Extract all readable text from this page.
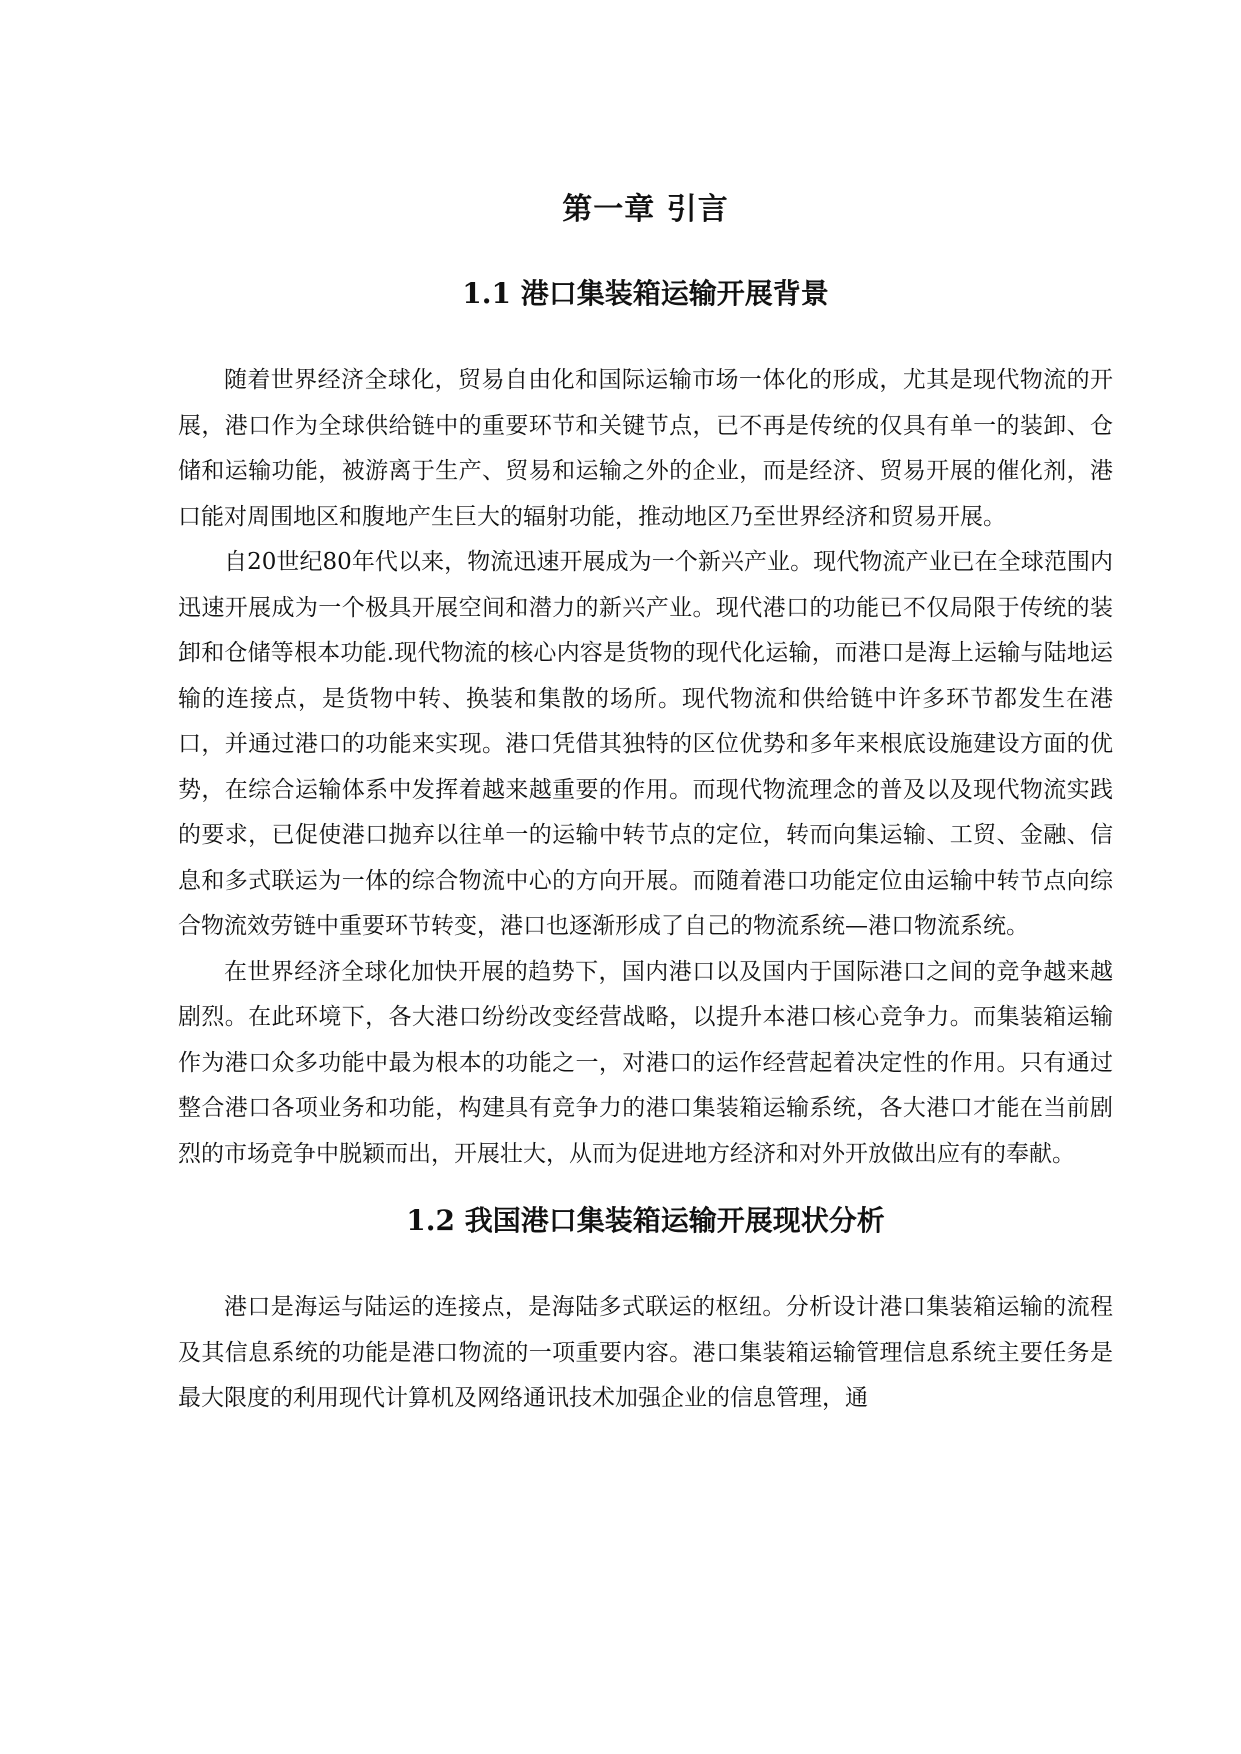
第一章 引言
1.1 港口集装箱运输开展背景

随着世界经济全球化，贸易自由化和国际运输市场一体化的形成，尤其是现代物流的开展，港口作为全球供给链中的重要环节和关键节点，已不再是传统的仅具有单一的装卸、仓储和运输功能，被游离于生产、贸易和运输之外的企业，而是经济、贸易开展的催化剂，港口能对周围地区和腹地产生巨大的辐射功能，推动地区乃至世界经济和贸易开展。

自20世纪80年代以来，物流迅速开展成为一个新兴产业。现代物流产业已在全球范围内迅速开展成为一个极具开展空间和潜力的新兴产业。现代港口的功能已不仅局限于传统的装卸和仓储等根本功能.现代物流的核心内容是货物的现代化运输，而港口是海上运输与陆地运输的连接点，是货物中转、换装和集散的场所。现代物流和供给链中许多环节都发生在港口，并通过港口的功能来实现。港口凭借其独特的区位优势和多年来根底设施建设方面的优势，在综合运输体系中发挥着越来越重要的作用。而现代物流理念的普及以及现代物流实践的要求，已促使港口抛弃以往单一的运输中转节点的定位，转而向集运输、工贸、金融、信息和多式联运为一体的综合物流中心的方向开展。而随着港口功能定位由运输中转节点向综合物流效劳链中重要环节转变，港口也逐渐形成了自己的物流系统—港口物流系统。

在世界经济全球化加快开展的趋势下，国内港口以及国内于国际港口之间的竞争越来越剧烈。在此环境下，各大港口纷纷改变经营战略，以提升本港口核心竞争力。而集装箱运输作为港口众多功能中最为根本的功能之一，对港口的运作经营起着决定性的作用。只有通过整合港口各项业务和功能，构建具有竞争力的港口集装箱运输系统，各大港口才能在当前剧烈的市场竞争中脱颖而出，开展壮大，从而为促进地方经济和对外开放做出应有的奉献。

1.2 我国港口集装箱运输开展现状分析

港口是海运与陆运的连接点，是海陆多式联运的枢纽。分析设计港口集装箱运输的流程及其信息系统的功能是港口物流的一项重要内容。港口集装箱运输管理信息系统主要任务是最大限度的利用现代计算机及网络通讯技术加强企业的信息管理，通
